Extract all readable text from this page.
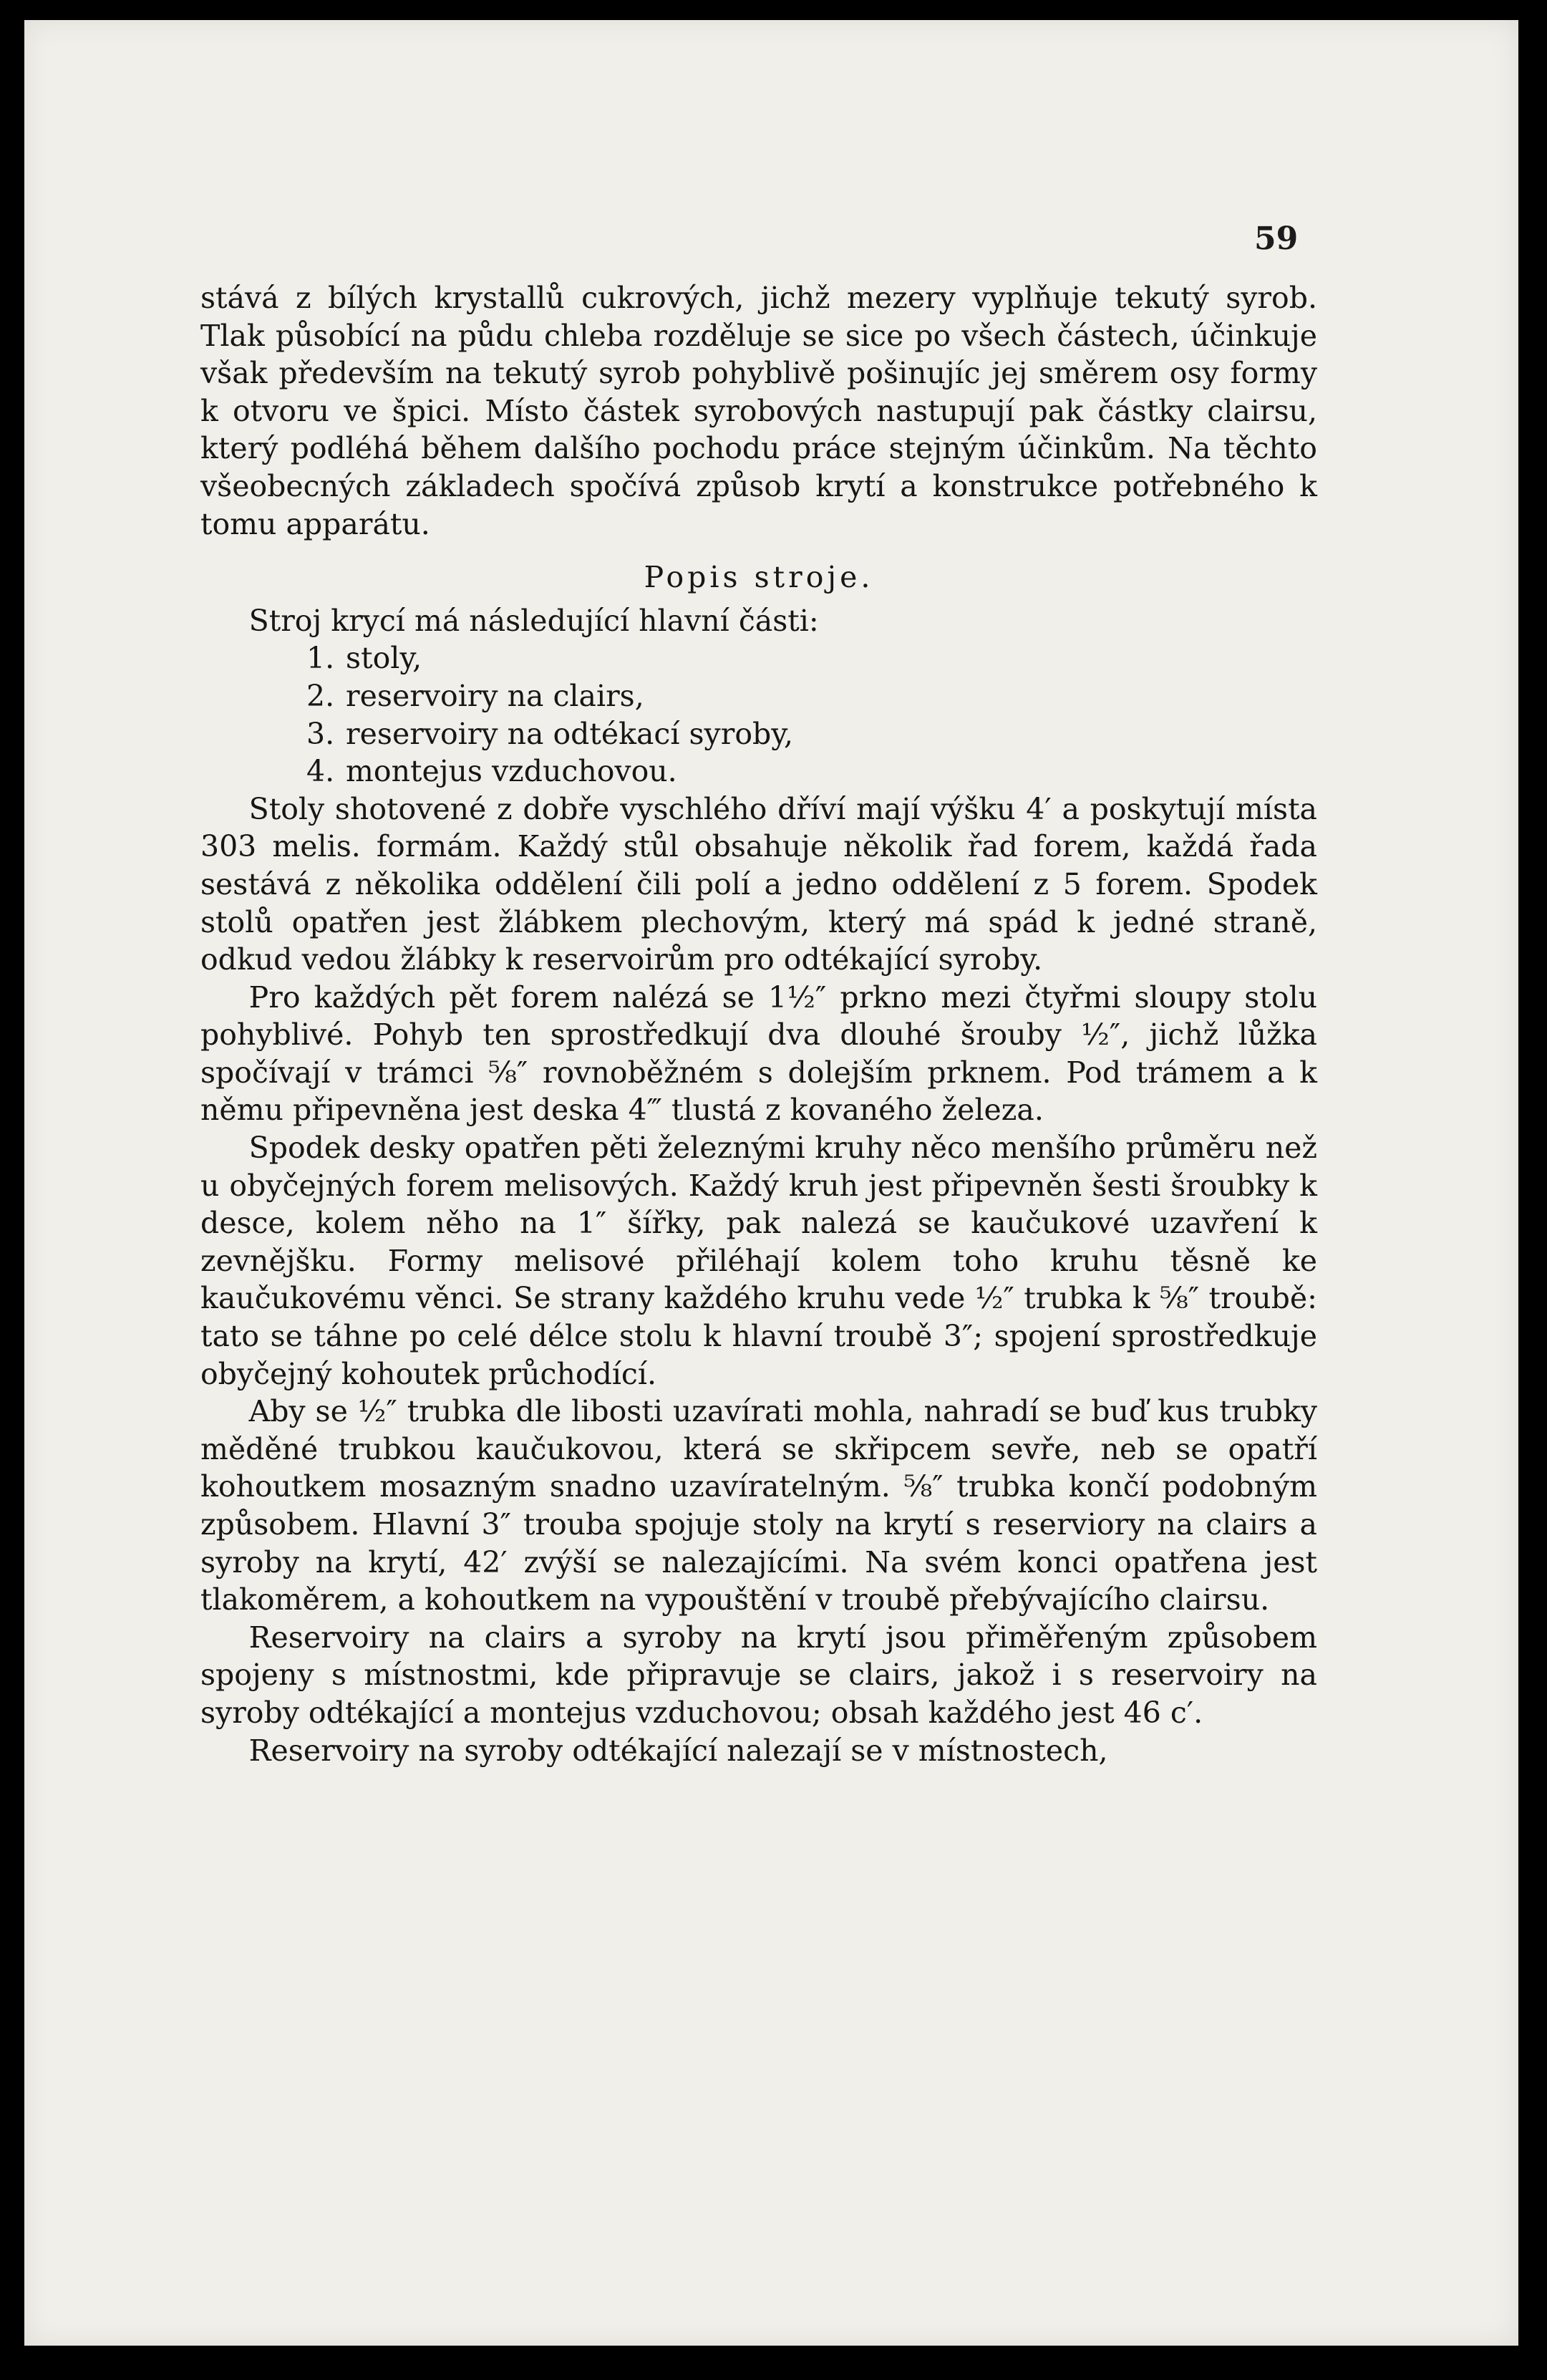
59

stává z bílých krystallů cukrových, jichž mezery vyplňuje tekutý syrob. Tlak působící na půdu chleba rozděluje se sice po všech částech, účinkuje však především na tekutý syrob pohyblivě pošinujíc jej směrem osy formy k otvoru ve špici. Místo částek syrobových nastupují pak částky clairsu, který podléhá během dalšího pochodu práce stejným účinkům. Na těchto všeobecných základech spočívá způsob krytí a konstrukce potřebného k tomu apparátu.

Popis stroje.

Stroj krycí má následující hlavní části:

1. stoly,
2. reservoiry na clairs,
3. reservoiry na odtékací syroby,
4. montejus vzduchovou.

Stoly shotovené z dobře vyschlého dříví mají výšku 4′ a poskytují místa 303 melis. formám. Každý stůl obsahuje několik řad forem, každá řada sestává z několika oddělení čili polí a jedno oddělení z 5 forem. Spodek stolů opatřen jest žlábkem plechovým, který má spád k jedné straně, odkud vedou žlábky k reservoirům pro odtékající syroby.

Pro každých pět forem nalézá se 1½″ prkno mezi čtyřmi sloupy stolu pohyblivé. Pohyb ten sprostředkují dva dlouhé šrouby ½″, jichž lůžka spočívají v trámci ⅝″ rovnoběžném s dolejším prknem. Pod trámem a k němu připevněna jest deska 4‴ tlustá z kovaného železa.

Spodek desky opatřen pěti železnými kruhy něco menšího průměru než u obyčejných forem melisových. Každý kruh jest připevněn šesti šroubky k desce, kolem něho na 1″ šířky, pak nalezá se kaučukové uzavření k zevnějšku. Formy melisové přiléhají kolem toho kruhu těsně ke kaučukovému věnci. Se strany každého kruhu vede ½″ trubka k ⅝″ troubě: tato se táhne po celé délce stolu k hlavní troubě 3″; spojení sprostředkuje obyčejný kohoutek průchodící.

Aby se ½″ trubka dle libosti uzavírati mohla, nahradí se buď kus trubky měděné trubkou kaučukovou, která se skřipcem sevře, neb se opatří kohoutkem mosazným snadno uzavíratelným. ⅝″ trubka končí podobným způsobem. Hlavní 3″ trouba spojuje stoly na krytí s reserviory na clairs a syroby na krytí, 42′ zvýší se nalezajícími. Na svém konci opatřena jest tlakoměrem, a kohoutkem na vypouštění v troubě přebývajícího clairsu.

Reservoiry na clairs a syroby na krytí jsou přiměřeným způsobem spojeny s místnostmi, kde připravuje se clairs, jakož i s reservoiry na syroby odtékající a montejus vzduchovou; obsah každého jest 46 c′.

Reservoiry na syroby odtékající nalezají se v místnostech,
